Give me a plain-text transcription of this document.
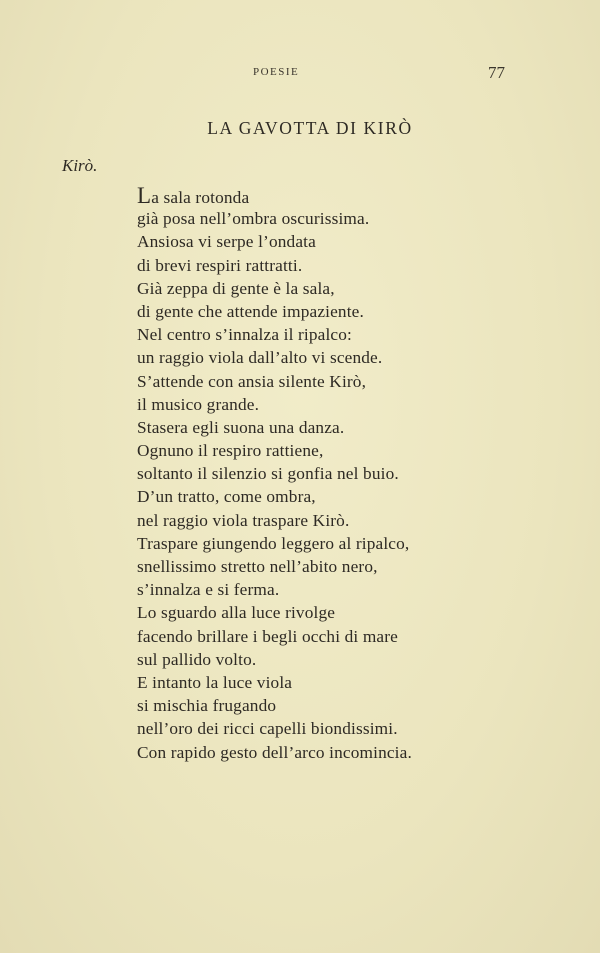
POESIE	77
LA GAVOTTA DI KIRÒ
Kirò.
La sala rotonda
già posa nell’ombra oscurissima.
Ansiosa vi serpe l’ondata
di brevi respiri rattratti.
Già zeppa di gente è la sala,
di gente che attende impaziente.
Nel centro s’innalza il ripalco:
un raggio viola dall’alto vi scende.
S’attende con ansia silente Kirò,
il musico grande.
Stasera egli suona una danza.
Ognuno il respiro rattiene,
soltanto il silenzio si gonfia nel buio.
D’un tratto, come ombra,
nel raggio viola traspare Kirò.
Traspare giungendo leggero al ripalco,
snellissimo stretto nell’abito nero,
s’innalza e si ferma.
Lo sguardo alla luce rivolge
facendo brillare i begli occhi di mare
sul pallido volto.
E intanto la luce viola
si mischia frugando
nell’oro dei ricci capelli biondissimi.
Con rapido gesto dell’arco incomincia.
